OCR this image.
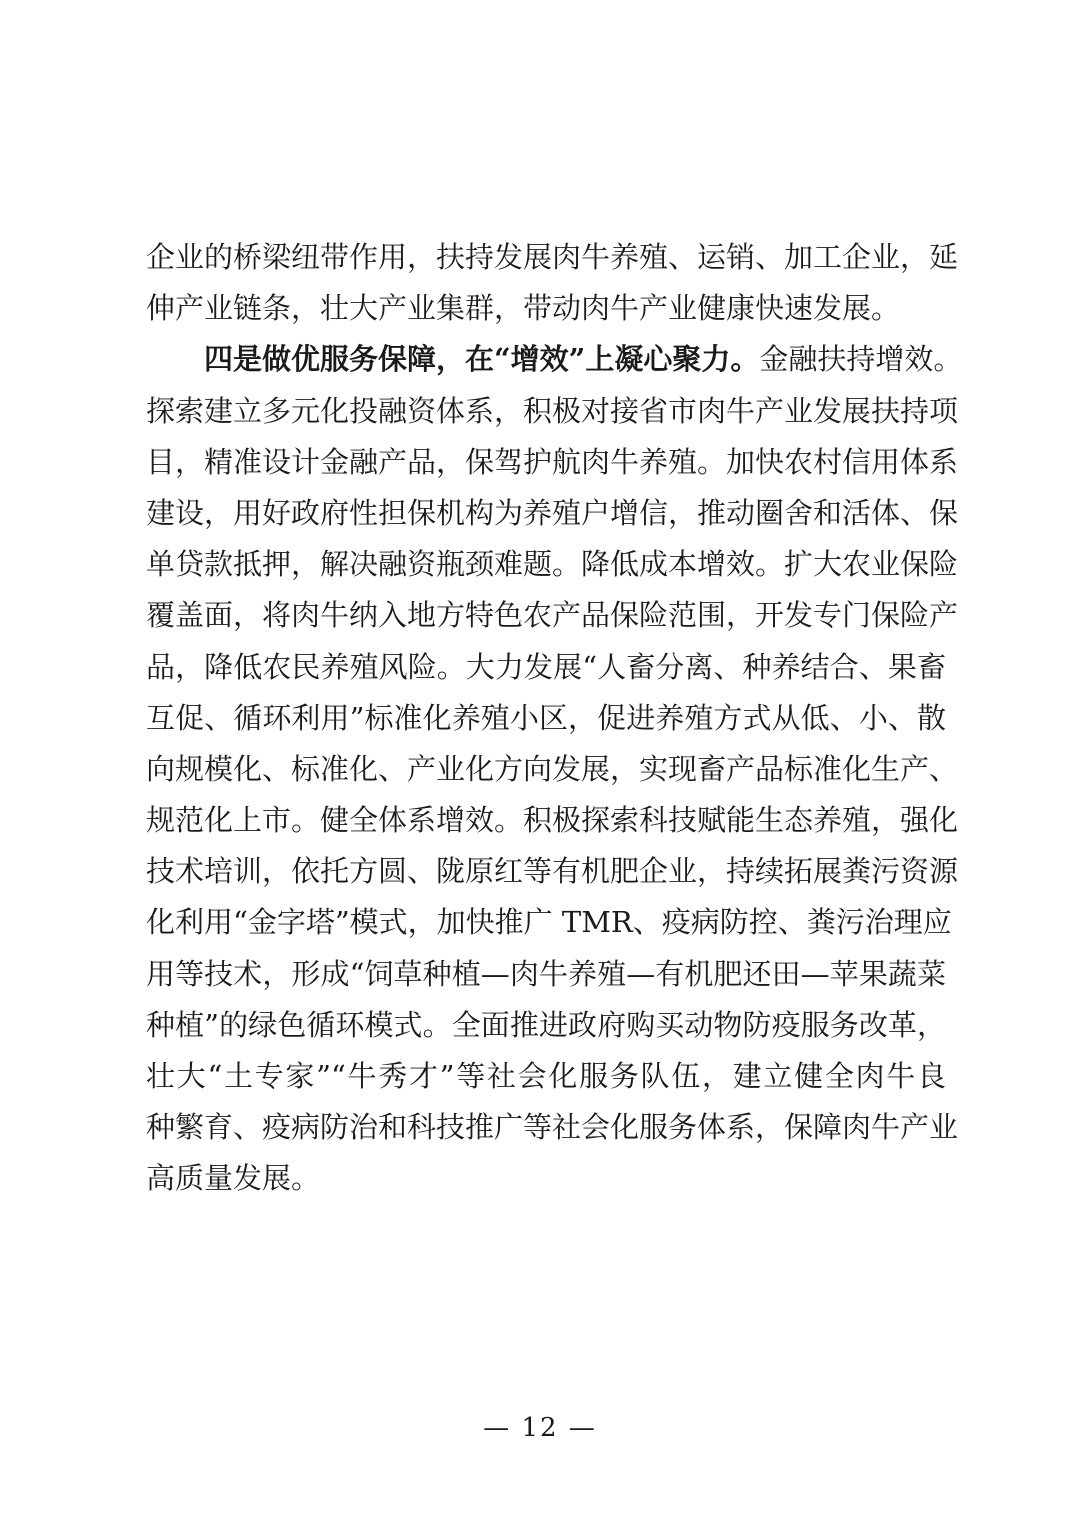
企业的桥梁纽带作用，扶持发展肉牛养殖、运销、加工企业，延
伸产业链条，壮大产业集群，带动肉牛产业健康快速发展。
四是做优服务保障，在“增效”上凝心聚力。金融扶持增效。
探索建立多元化投融资体系，积极对接省市肉牛产业发展扶持项
目，精准设计金融产品，保驾护航肉牛养殖。加快农村信用体系
建设，用好政府性担保机构为养殖户增信，推动圈舍和活体、保
单贷款抵押，解决融资瓶颈难题。降低成本增效。扩大农业保险
覆盖面，将肉牛纳入地方特色农产品保险范围，开发专门保险产
品，降低农民养殖风险。大力发展“人畜分离、种养结合、果畜
互促、循环利用”标准化养殖小区，促进养殖方式从低、小、散
向规模化、标准化、产业化方向发展，实现畜产品标准化生产、
规范化上市。健全体系增效。积极探索科技赋能生态养殖，强化
技术培训，依托方圆、陇原红等有机肥企业，持续拓展粪污资源
化利用“金字塔”模式，加快推广 TMR、疫病防控、粪污治理应
用等技术，形成“饲草种植—肉牛养殖—有机肥还田—苹果蔬菜
种植”的绿色循环模式。全面推进政府购买动物防疫服务改革，
壮大“土专家”“牛秀才”等社会化服务队伍，建立健全肉牛良
种繁育、疫病防治和科技推广等社会化服务体系，保障肉牛产业
高质量发展。
— 12 —
